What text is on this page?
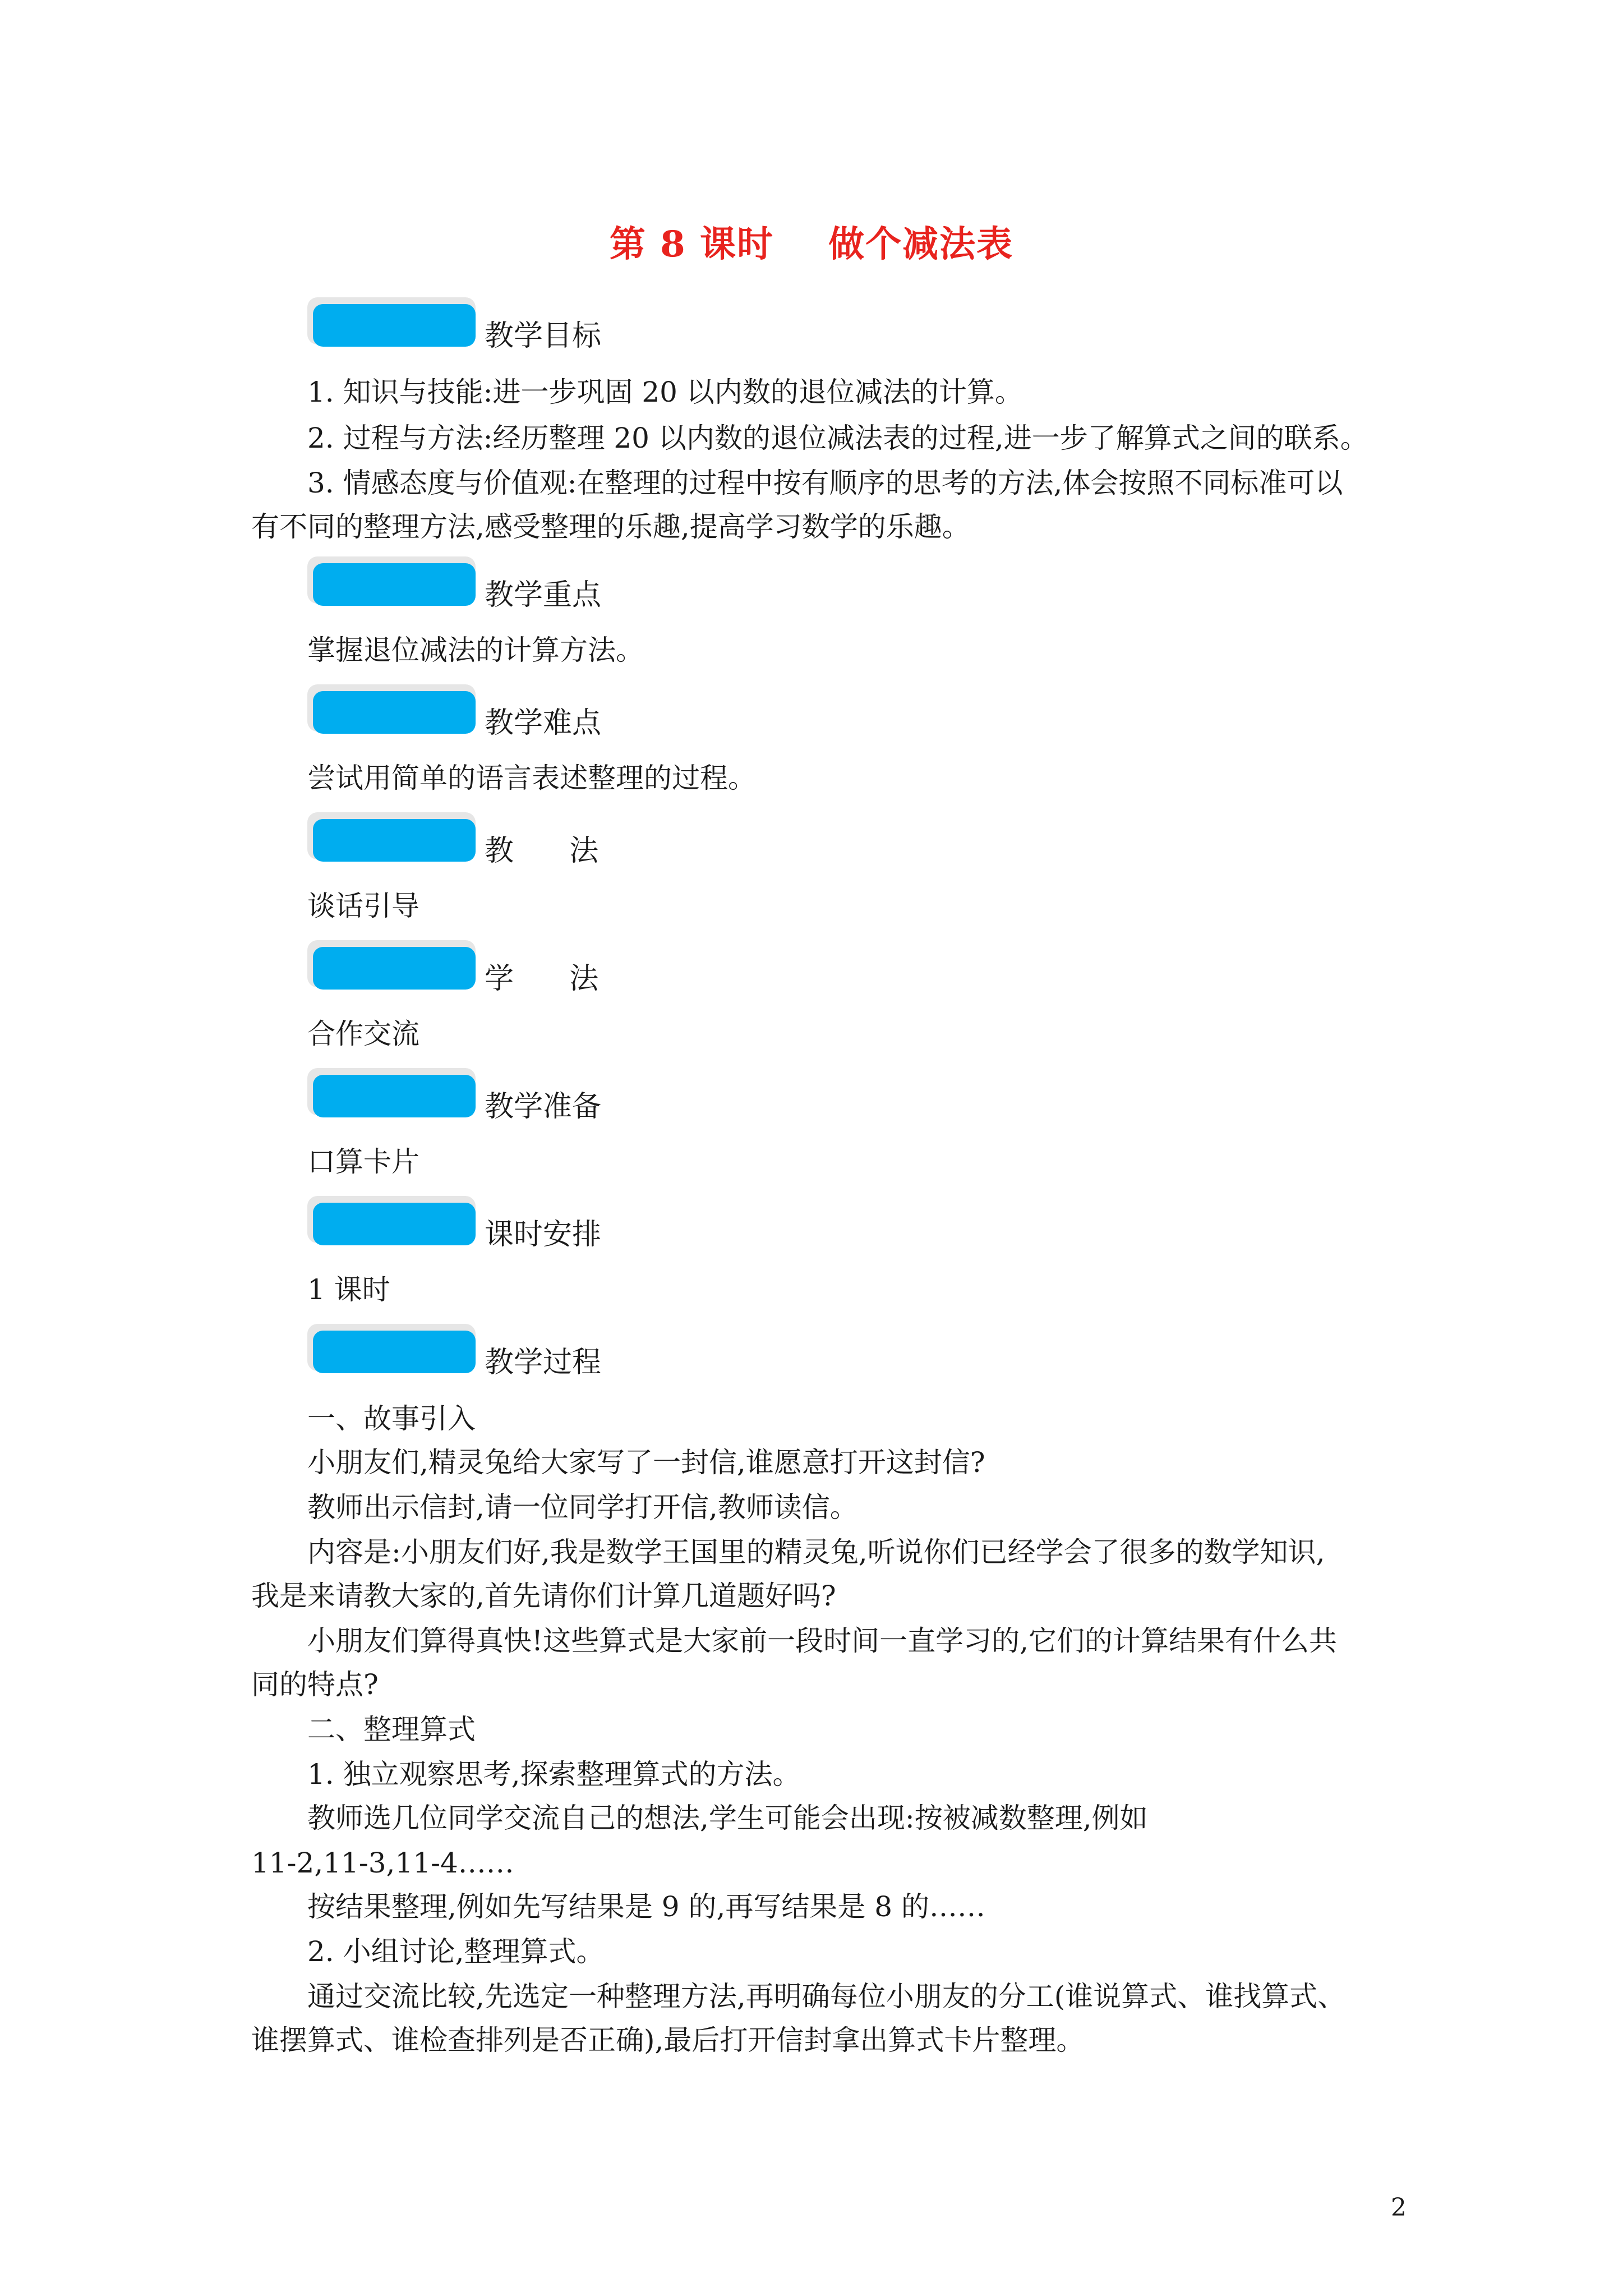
第 8 课时    做个减法表
教学目标
1. 知识与技能:进一步巩固 20 以内数的退位减法的计算。
2. 过程与方法:经历整理 20 以内数的退位减法表的过程,进一步了解算式之间的联系。
3. 情感态度与价值观:在整理的过程中按有顺序的思考的方法,体会按照不同标准可以
有不同的整理方法,感受整理的乐趣,提高学习数学的乐趣。
教学重点
掌握退位减法的计算方法。
教学难点
尝试用简单的语言表述整理的过程。
教      法
谈话引导
学      法
合作交流
教学准备
口算卡片
课时安排
1 课时
教学过程
一、故事引入
小朋友们,精灵兔给大家写了一封信,谁愿意打开这封信?
教师出示信封,请一位同学打开信,教师读信。
内容是:小朋友们好,我是数学王国里的精灵兔,听说你们已经学会了很多的数学知识,
我是来请教大家的,首先请你们计算几道题好吗?
小朋友们算得真快!这些算式是大家前一段时间一直学习的,它们的计算结果有什么共
同的特点?
二、整理算式
1. 独立观察思考,探索整理算式的方法。
教师选几位同学交流自己的想法,学生可能会出现:按被减数整理,例如
11-2,11-3,11-4……
按结果整理,例如先写结果是 9 的,再写结果是 8 的……
2. 小组讨论,整理算式。
通过交流比较,先选定一种整理方法,再明确每位小朋友的分工(谁说算式、谁找算式、
谁摆算式、谁检查排列是否正确),最后打开信封拿出算式卡片整理。
2
